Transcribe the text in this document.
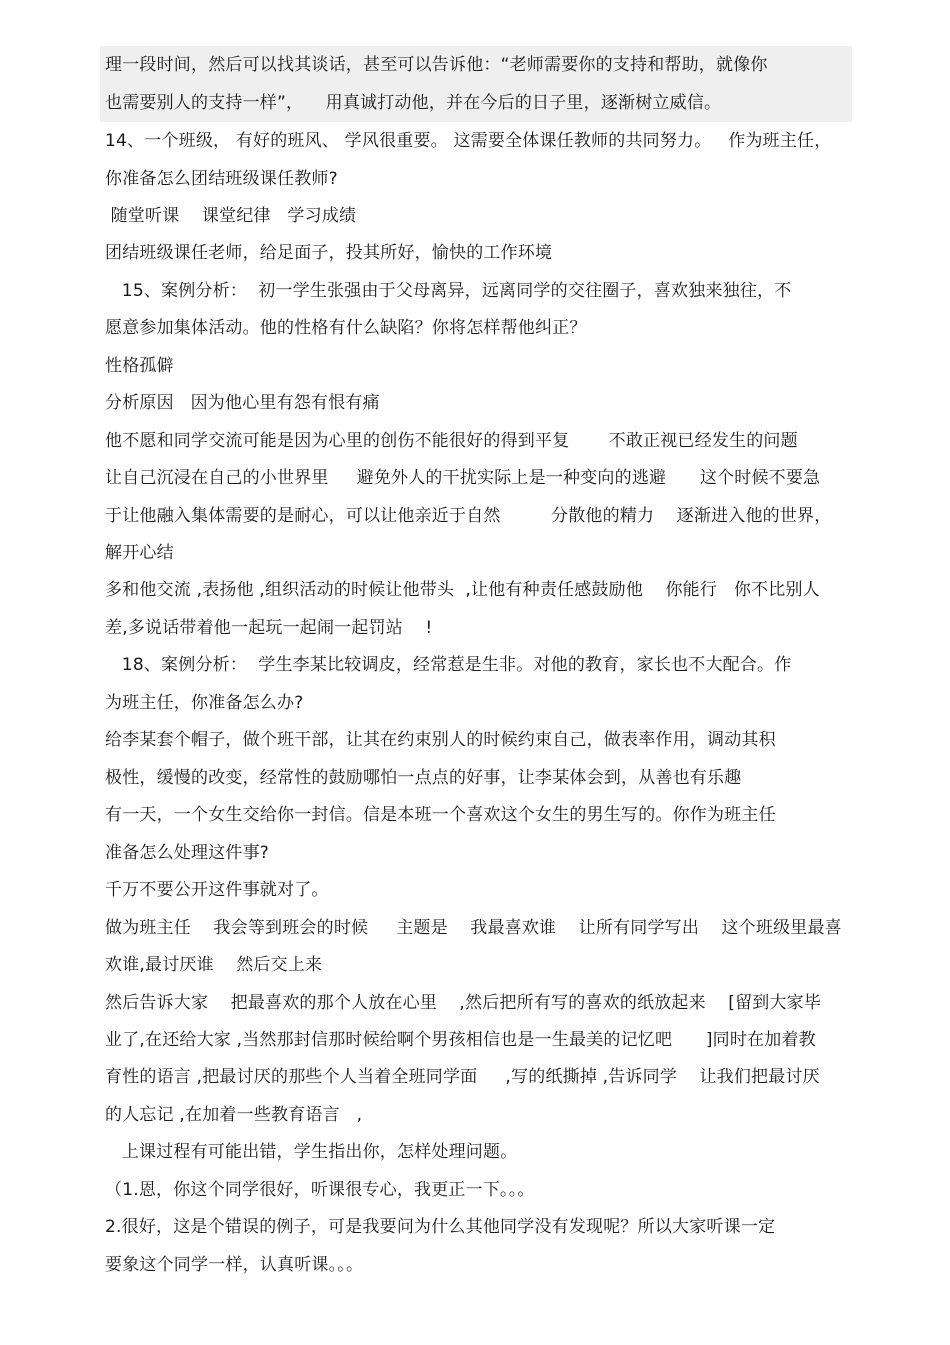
理一段时间，然后可以找其谈话，甚至可以告诉他：“老师需要你的支持和帮助，就像你
也需要别人的支持一样”，    用真诚打动他，并在今后的日子里，逐渐树立威信。
14、一个班级， 有好的班风、 学风很重要。 这需要全体课任教师的共同努力。   作为班主任，
你准备怎么团结班级课任教师?
随堂听课    课堂纪律   学习成绩
团结班级课任老师，给足面子，投其所好，愉快的工作环境
15、案例分析：  初一学生张强由于父母离异，远离同学的交往圈子，喜欢独来独往，不
愿意参加集体活动。他的性格有什么缺陷？你将怎样帮他纠正？
性格孤僻
分析原因   因为他心里有怨有恨有痛
他不愿和同学交流可能是因为心里的创伤不能很好的得到平复       不敢正视已经发生的问题
让自己沉浸在自己的小世界里     避免外人的干扰实际上是一种变向的逃避      这个时候不要急
于让他融入集体需要的是耐心，可以让他亲近于自然         分散他的精力    逐渐进入他的世界，
解开心结
多和他交流 ,表扬他 ,组织活动的时候让他带头  ,让他有种责任感鼓励他    你能行   你不比别人
差,多说话带着他一起玩一起闹一起罚站    !
18、案例分析：  学生李某比较调皮，经常惹是生非。对他的教育，家长也不大配合。作
为班主任，你准备怎么办?
给李某套个帽子，做个班干部，让其在约束别人的时候约束自己，做表率作用，调动其积
极性，缓慢的改变，经常性的鼓励哪怕一点点的好事，让李某体会到，从善也有乐趣
有一天，一个女生交给你一封信。信是本班一个喜欢这个女生的男生写的。你作为班主任
准备怎么处理这件事?
千万不要公开这件事就对了。
做为班主任    我会等到班会的时候     主题是    我最喜欢谁    让所有同学写出    这个班级里最喜
欢谁,最讨厌谁    然后交上来
然后告诉大家    把最喜欢的那个人放在心里    ,然后把所有写的喜欢的纸放起来    [留到大家毕
业了,在还给大家 ,当然那封信那时候给啊个男孩相信也是一生最美的记忆吧      ]同时在加着教
育性的语言 ,把最讨厌的那些个人当着全班同学面     ,写的纸撕掉 ,告诉同学    让我们把最讨厌
的人忘记 ,在加着一些教育语言   ,
上课过程有可能出错，学生指出你，怎样处理问题。
（1.恩，你这个同学很好，听课很专心，我更正一下。。。
2.很好，这是个错误的例子，可是我要问为什么其他同学没有发现呢？所以大家听课一定
要象这个同学一样，认真听课。。。
